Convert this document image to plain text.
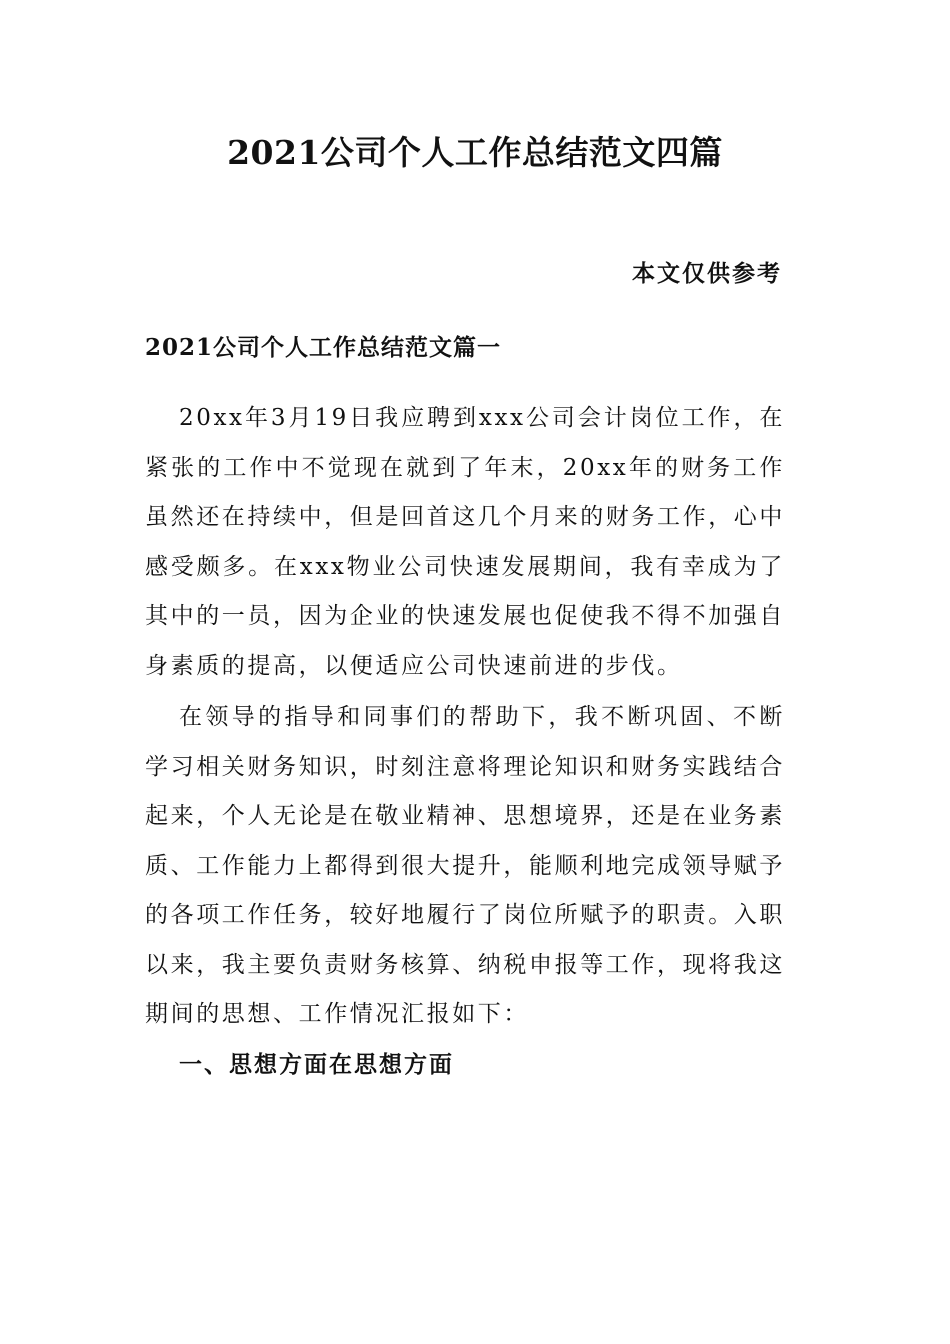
2021公司个人工作总结范文四篇
本文仅供参考
2021公司个人工作总结范文篇一

20xx年3月19日我应聘到xxx公司会计岗位工作，在紧张的工作中不觉现在就到了年末，20xx年的财务工作虽然还在持续中，但是回首这几个月来的财务工作，心中感受颇多。在xxx物业公司快速发展期间，我有幸成为了其中的一员，因为企业的快速发展也促使我不得不加强自身素质的提高，以便适应公司快速前进的步伐。

在领导的指导和同事们的帮助下，我不断巩固、不断学习相关财务知识，时刻注意将理论知识和财务实践结合起来，个人无论是在敬业精神、思想境界，还是在业务素质、工作能力上都得到很大提升，能顺利地完成领导赋予的各项工作任务，较好地履行了岗位所赋予的职责。入职以来，我主要负责财务核算、纳税申报等工作，现将我这期间的思想、工作情况汇报如下：

一、思想方面在思想方面
